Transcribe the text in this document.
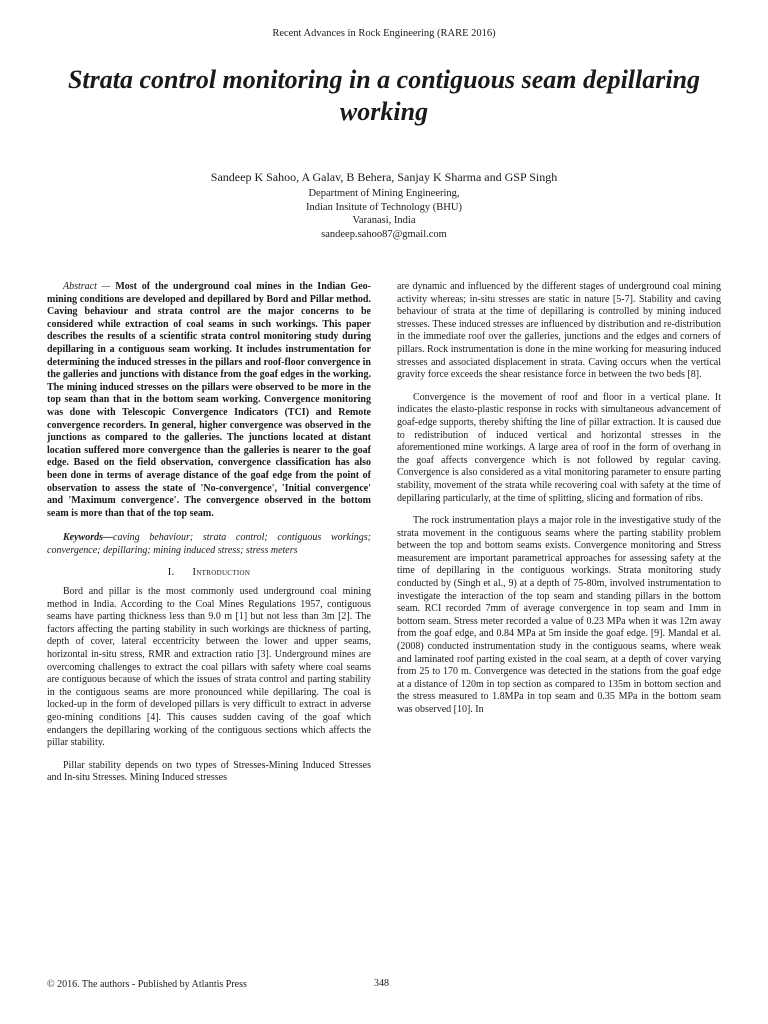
Recent Advances in Rock Engineering (RARE 2016)
Strata control monitoring in a contiguous seam depillaring working
Sandeep K Sahoo, A Galav, B Behera, Sanjay K Sharma and GSP Singh
Department of Mining Engineering,
Indian Insitute of Technology (BHU)
Varanasi, India
sandeep.sahoo87@gmail.com

Abstract — Most of the underground coal mines in the Indian Geo-mining conditions are developed and depillared by Bord and Pillar method. Caving behaviour and strata control are the major concerns to be considered while extraction of coal seams in such workings. This paper describes the results of a scientific strata control monitoring study during depillaring in a contiguous seam working. It includes instrumentation for determining the induced stresses in the pillars and roof-floor convergence in the galleries and junctions with distance from the goaf edges in the working. The mining induced stresses on the pillars were observed to be more in the top seam than that in the bottom seam working. Convergence monitoring was done with Telescopic Convergence Indicators (TCI) and Remote convergence recorders. In general, higher convergence was observed in the junctions as compared to the galleries. The junctions located at distant location suffered more convergence than the galleries is nearer to the goaf edge. Based on the field observation, convergence classification has also been done in terms of average distance of the goaf edge from the point of observation to assess the state of 'No-convergence', 'Initial convergence' and 'Maximum convergence'. The convergence observed in the bottom seam is more than that of the top seam.

Keywords—caving behaviour; strata control; contiguous workings; convergence; depillaring; mining induced stress; stress meters

I. Introduction

Bord and pillar is the most commonly used underground coal mining method in India. According to the Coal Mines Regulations 1957, contiguous seams have parting thickness less than 9.0 m [1] but not less than 3m [2]. The factors affecting the parting stability in such workings are thickness of parting, depth of cover, lateral eccentricity between the lower and upper seams, horizontal in-situ stress, RMR and extraction ratio [3]. Underground mines are overcoming challenges to extract the coal pillars with safety where coal seams are contiguous because of which the issues of strata control and parting stability in the contiguous seams are more pronounced while depillaring. The coal is locked-up in the form of developed pillars is very difficult to extract in adverse geo-mining conditions [4]. This causes sudden caving of the goaf which endangers the depillaring working of the contiguous sections which affects the pillar stability.

Pillar stability depends on two types of Stresses-Mining Induced Stresses and In-situ Stresses. Mining Induced stresses

are dynamic and influenced by the different stages of underground coal mining activity whereas; in-situ stresses are static in nature [5-7]. Stability and caving behaviour of strata at the time of depillaring is controlled by mining induced stresses. These induced stresses are influenced by distribution and re-distribution in the immediate roof over the galleries, junctions and the edges and corners of pillars. Rock instrumentation is done in the mine working for measuring induced stresses and associated displacement in strata. Caving occurs when the vertical gravity force exceeds the shear resistance force in between the two beds [8].

Convergence is the movement of roof and floor in a vertical plane. It indicates the elasto-plastic response in rocks with simultaneous advancement of goaf-edge supports, thereby shifting the line of pillar extraction. It is caused due to redistribution of induced vertical and horizontal stresses in the aforementioned mine workings. A large area of roof in the form of overhang in the goaf affects convergence which is not followed by regular caving. Convergence is also considered as a vital monitoring parameter to ensure parting stability, movement of the strata while recovering coal with safety at the time of depillaring particularly, at the time of splitting, slicing and formation of ribs.

The rock instrumentation plays a major role in the investigative study of the strata movement in the contiguous seams where the parting stability problem between the top and bottom seams exists. Convergence monitoring and Stress measurement are important parametrical approaches for assessing safety at the time of depillaring in the contiguous workings. Strata monitoring study conducted by (Singh et al., 9) at a depth of 75-80m, involved instrumentation to investigate the interaction of the top seam and standing pillars in the bottom seam. RCI recorded 7mm of average convergence in top seam and 1mm in bottom seam. Stress meter recorded a value of 0.23 MPa when it was 12m away from the goaf edge, and 0.84 MPa at 5m inside the goaf edge. [9]. Mandal et al.(2008) conducted instrumentation study in the contiguous seams, where weak and laminated roof parting existed in the coal seam, at a depth of cover varying from 25 to 170 m. Convergence was detected in the stations from the goaf edge at a distance of 120m in top section as compared to 135m in bottom section and the stress measured to 1.8MPa in top seam and 0.35 MPa in the bottom seam was observed [10]. In

© 2016. The authors - Published by Atlantis Press	348
